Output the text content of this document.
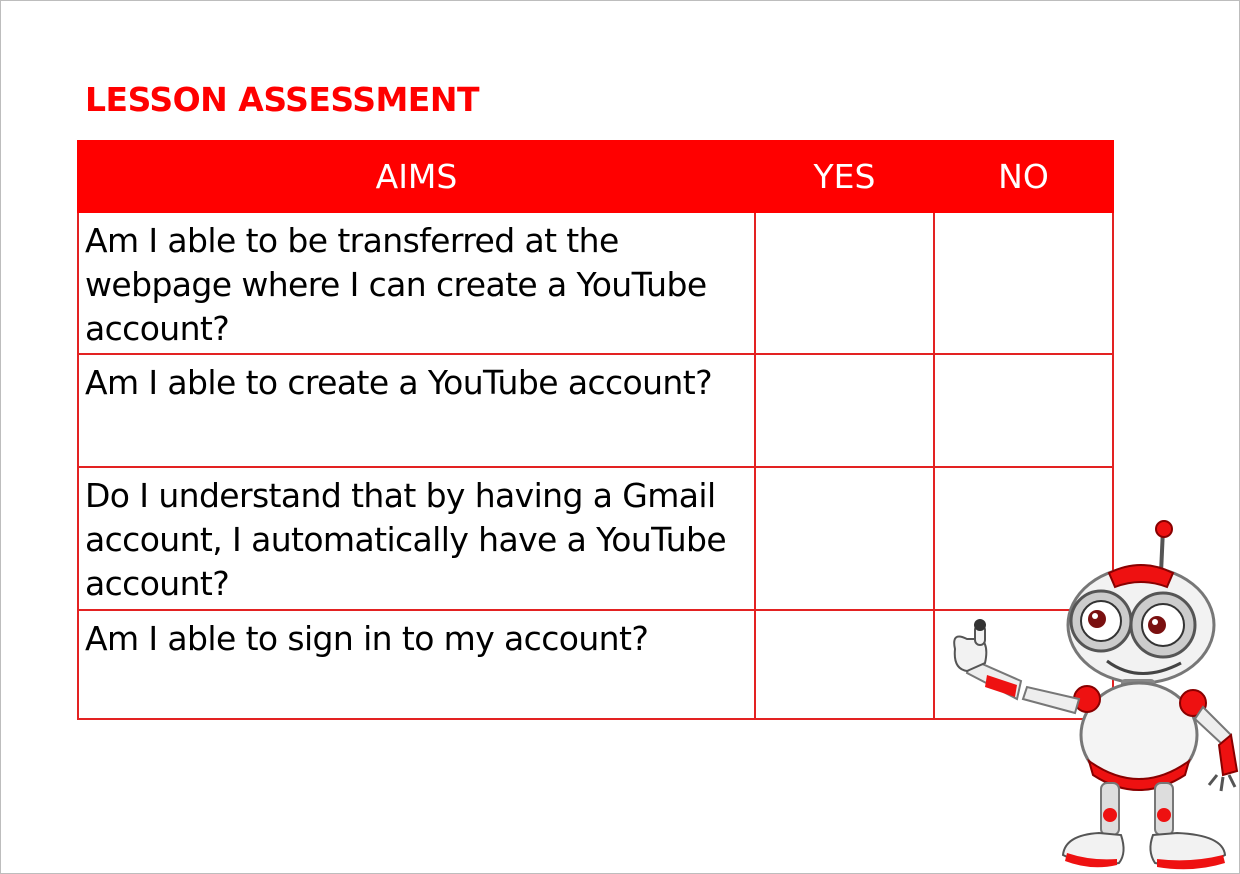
LESSON ASSESSMENT
AIMS	YES	NO
Am I able to be transferred at the webpage where I can create a YouTube account?		
Am I able to create a YouTube account?		
Do I understand that by having a Gmail account, I automatically have a YouTube account?		
Am I able to sign in to my account?		
